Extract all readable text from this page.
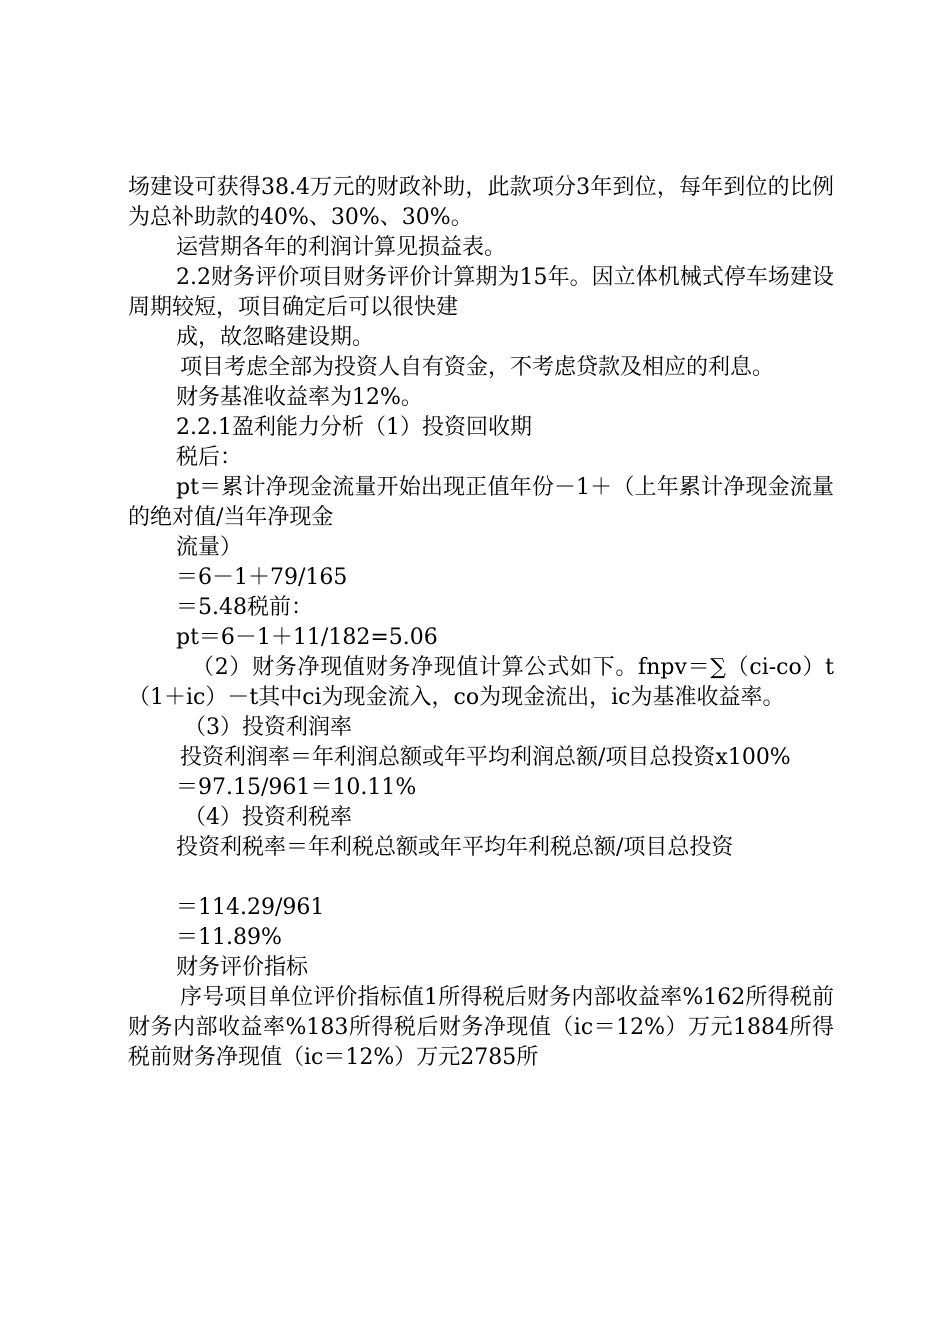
场建设可获得38.4万元的财政补助，此款项分3年到位，每年到位的比例为总补助款的40%、30%、30%。

运营期各年的利润计算见损益表。

2.2财务评价项目财务评价计算期为15年。因立体机械式停车场建设周期较短，项目确定后可以很快建

成，故忽略建设期。

项目考虑全部为投资人自有资金，不考虑贷款及相应的利息。

财务基准收益率为12%。

2.2.1盈利能力分析（1）投资回收期

税后：

pt＝累计净现金流量开始出现正值年份－1＋（上年累计净现金流量的绝对值/当年净现金

流量）

＝6－1＋79/165

＝5.48税前：

pt＝6－1＋11/182=5.06

（2）财务净现值财务净现值计算公式如下。fnpv＝∑（ci-co）t（1＋ic）－t其中ci为现金流入，co为现金流出，ic为基准收益率。

（3）投资利润率

投资利润率＝年利润总额或年平均利润总额/项目总投资x100%

＝97.15/961＝10.11%

（4）投资利税率

投资利税率＝年利税总额或年平均年利税总额/项目总投资

＝114.29/961

＝11.89%

财务评价指标

序号项目单位评价指标值1所得税后财务内部收益率%162所得税前财务内部收益率%183所得税后财务净现值（ic＝12%）万元1884所得税前财务净现值（ic＝12%）万元2785所
